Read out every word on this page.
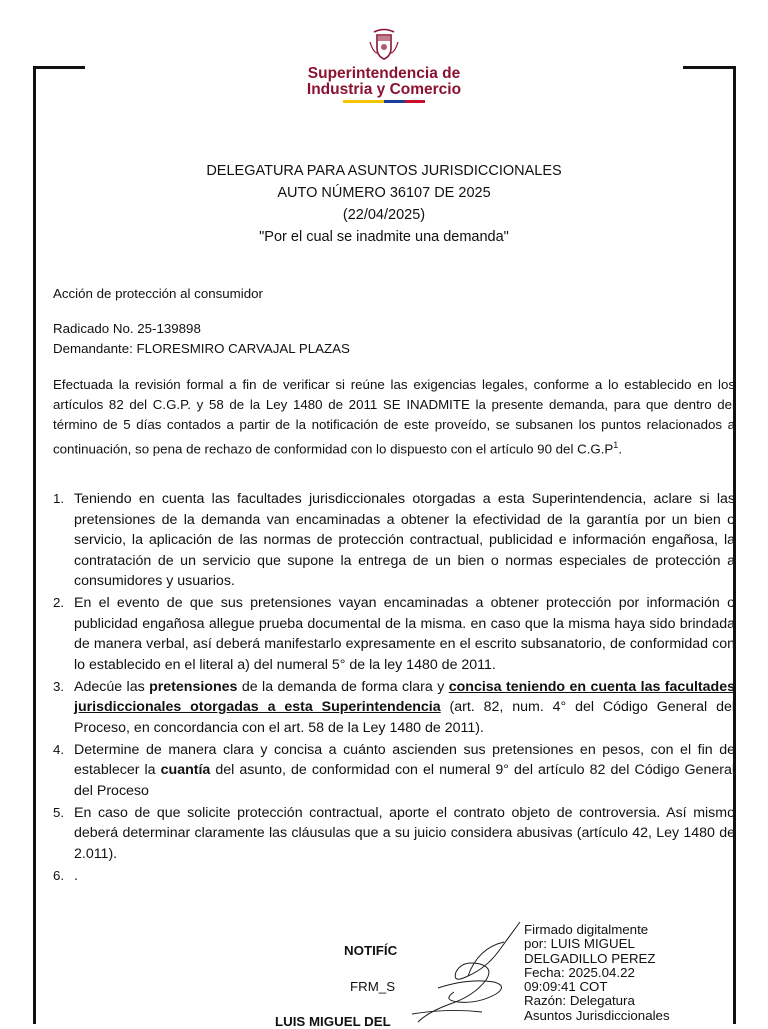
Superintendencia de
Industria y Comercio
DELEGATURA PARA ASUNTOS JURISDICCIONALES
AUTO NÚMERO 36107 DE 2025
(22/04/2025)
"Por el cual se inadmite una demanda"
Acción de protección al consumidor
Radicado No. 25-139898
Demandante: FLORESMIRO CARVAJAL PLAZAS
Efectuada la revisión formal a fin de verificar si reúne las exigencias legales, conforme a lo establecido en los artículos 82 del C.G.P. y 58 de la Ley 1480 de 2011 SE INADMITE la presente demanda, para que dentro del término de 5 días contados a partir de la notificación de este proveído, se subsanen los puntos relacionados a continuación, so pena de rechazo de conformidad con lo dispuesto con el artículo 90 del $C.G.P^1$.
1. Teniendo en cuenta las facultades jurisdiccionales otorgadas a esta Superintendencia, aclare si las pretensiones de la demanda van encaminadas a obtener la efectividad de la garantía por un bien o servicio, la aplicación de las normas de protección contractual, publicidad e información engañosa, la contratación de un servicio que supone la entrega de un bien o normas especiales de protección a consumidores y usuarios.
2. En el evento de que sus pretensiones vayan encaminadas a obtener protección por información o publicidad engañosa allegue prueba documental de la misma. en caso que la misma haya sido brindada de manera verbal, así deberá manifestarlo expresamente en el escrito subsanatorio, de conformidad con lo establecido en el literal a) del numeral 5° de la ley 1480 de 2011.
3. Adecúe las pretensiones de la demanda de forma clara y concisa teniendo en cuenta las facultades jurisdiccionales otorgadas a esta Superintendencia (art. 82, num. 4° del Código General del Proceso, en concordancia con el art. 58 de la Ley 1480 de 2011).
4. Determine de manera clara y concisa a cuánto ascienden sus pretensiones en pesos, con el fin de establecer la cuantía del asunto, de conformidad con el numeral 9° del artículo 82 del Código General del Proceso
5. En caso de que solicite protección contractual, aporte el contrato objeto de controversia. Así mismo deberá determinar claramente las cláusulas que a su juicio considera abusivas (artículo 42, Ley 1480 de 2.011).
6. .
NOTIFÍC
FRM_S
LUIS MIGUEL DEL
Firmado digitalmente
por: LUIS MIGUEL
DELGADILLO PEREZ
Fecha: 2025.04.22
09:09:41 COT
Razón: Delegatura
Asuntos Jurisdiccionales
